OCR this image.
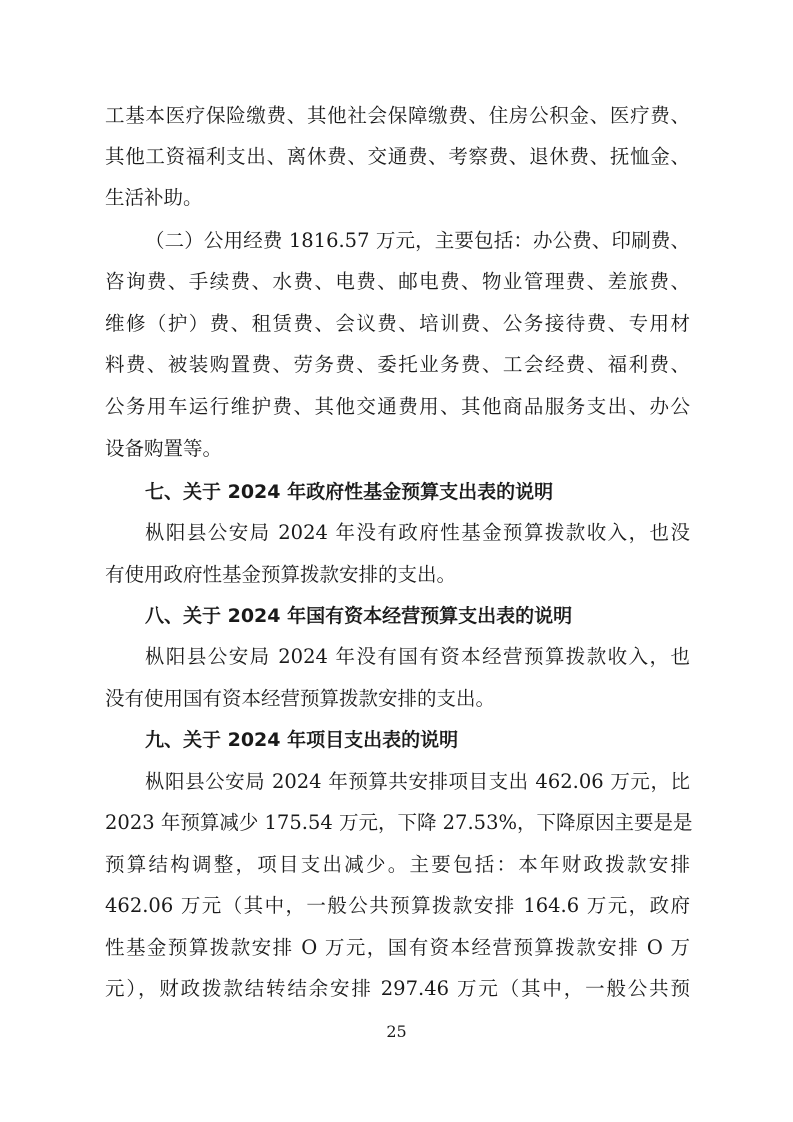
工基本医疗保险缴费、其他社会保障缴费、住房公积金、医疗费、
其他工资福利支出、离休费、交通费、考察费、退休费、抚恤金、
生活补助。
（二）公用经费 1816.57 万元，主要包括：办公费、印刷费、
咨询费、手续费、水费、电费、邮电费、物业管理费、差旅费、
维修（护）费、租赁费、会议费、培训费、公务接待费、专用材
料费、被装购置费、劳务费、委托业务费、工会经费、福利费、
公务用车运行维护费、其他交通费用、其他商品服务支出、办公
设备购置等。
七、关于 2024 年政府性基金预算支出表的说明
枞阳县公安局 2024 年没有政府性基金预算拨款收入，也没
有使用政府性基金预算拨款安排的支出。
八、关于 2024 年国有资本经营预算支出表的说明
枞阳县公安局 2024 年没有国有资本经营预算拨款收入，也
没有使用国有资本经营预算拨款安排的支出。
九、关于 2024 年项目支出表的说明
枞阳县公安局 2024 年预算共安排项目支出 462.06 万元，比
2023 年预算减少 175.54 万元，下降 27.53%，下降原因主要是是
预算结构调整，项目支出减少。主要包括：本年财政拨款安排
462.06 万元（其中，一般公共预算拨款安排 164.6 万元，政府
性基金预算拨款安排 O 万元，国有资本经营预算拨款安排 O 万
元），财政拨款结转结余安排 297.46 万元（其中，一般公共预
25
